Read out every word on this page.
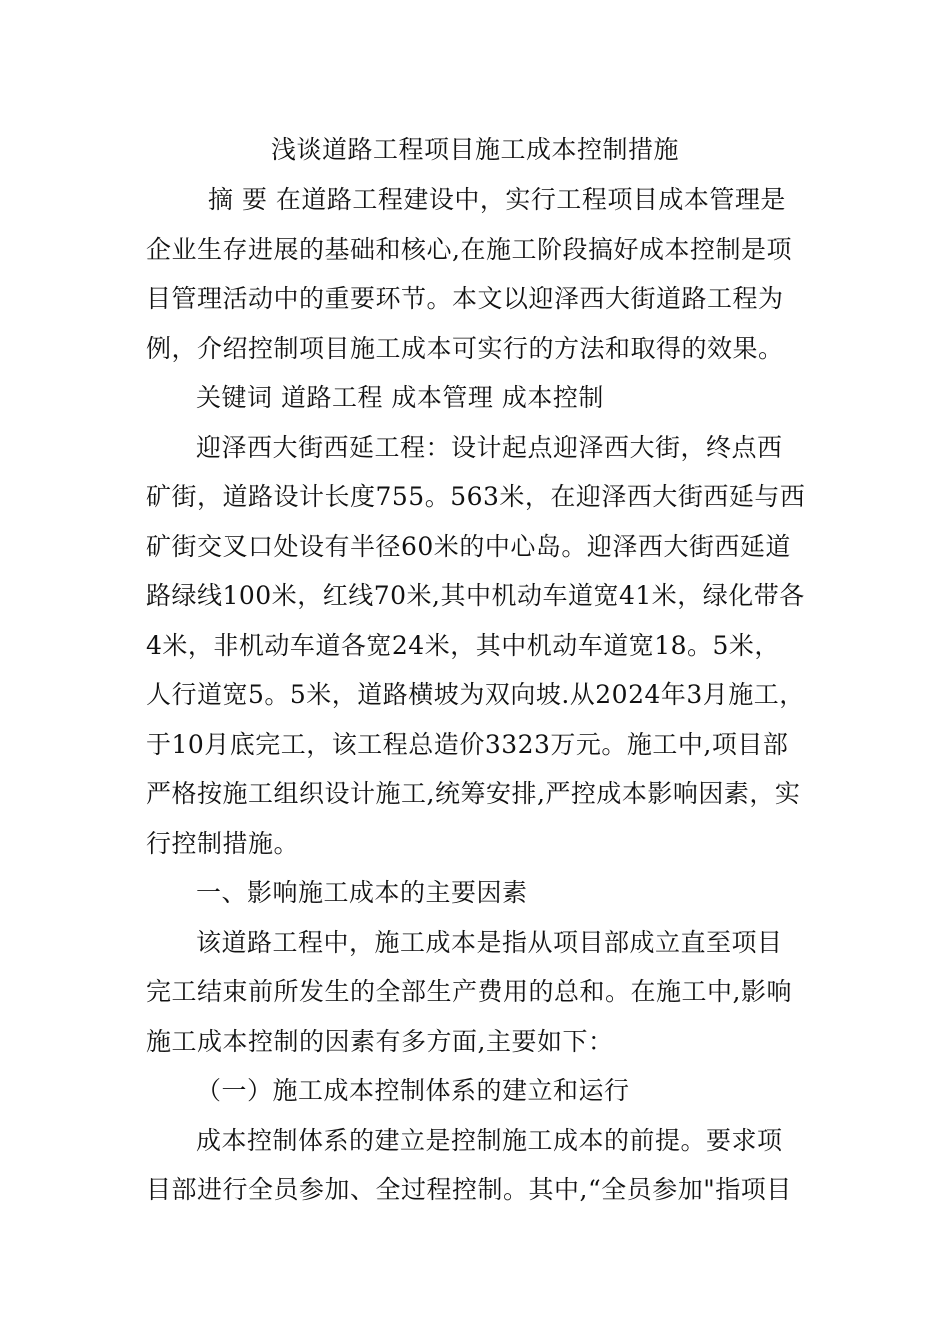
浅谈道路工程项目施工成本控制措施
摘 要 在道路工程建设中，实行工程项目成本管理是
企业生存进展的基础和核心,在施工阶段搞好成本控制是项
目管理活动中的重要环节。本文以迎泽西大街道路工程为
例，介绍控制项目施工成本可实行的方法和取得的效果。
关键词 道路工程 成本管理 成本控制
迎泽西大街西延工程：设计起点迎泽西大街，终点西
矿街，道路设计长度755。563米，在迎泽西大街西延与西
矿街交叉口处设有半径60米的中心岛。迎泽西大街西延道
路绿线100米，红线70米,其中机动车道宽41米，绿化带各
4米，非机动车道各宽24米，其中机动车道宽18。5米，
人行道宽5。5米，道路横坡为双向坡.从2024年3月施工，
于10月底完工，该工程总造价3323万元。施工中,项目部
严格按施工组织设计施工,统筹安排,严控成本影响因素，实
行控制措施。
一、影响施工成本的主要因素
该道路工程中，施工成本是指从项目部成立直至项目
完工结束前所发生的全部生产费用的总和。在施工中,影响
施工成本控制的因素有多方面,主要如下：
（一）施工成本控制体系的建立和运行
成本控制体系的建立是控制施工成本的前提。要求项
目部进行全员参加、全过程控制。其中,“全员参加"指项目
